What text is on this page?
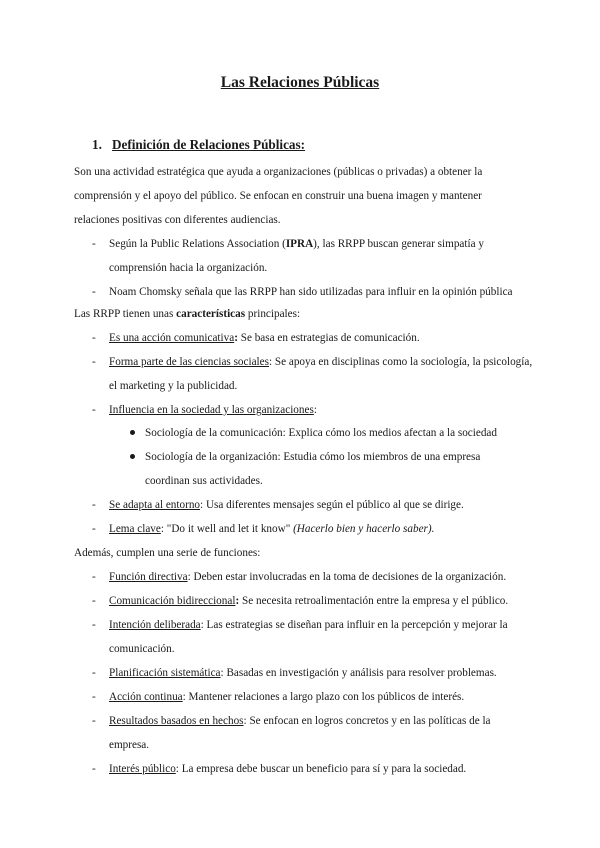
Las Relaciones Públicas
1. Definición de Relaciones Públicas:
Son una actividad estratégica que ayuda a organizaciones (públicas o privadas) a obtener la
comprensión y el apoyo del público. Se enfocan en construir una buena imagen y mantener
relaciones positivas con diferentes audiencias.
- Según la Public Relations Association (IPRA), las RRPP buscan generar simpatía y
comprensión hacia la organización.
- Noam Chomsky señala que las RRPP han sido utilizadas para influir en la opinión pública
Las RRPP tienen unas características principales:
- Es una acción comunicativa: Se basa en estrategias de comunicación.
- Forma parte de las ciencias sociales: Se apoya en disciplinas como la sociología, la psicología,
el marketing y la publicidad.
- Influencia en la sociedad y las organizaciones:
Sociología de la comunicación: Explica cómo los medios afectan a la sociedad
Sociología de la organización: Estudia cómo los miembros de una empresa
coordinan sus actividades.
- Se adapta al entorno: Usa diferentes mensajes según el público al que se dirige.
- Lema clave: "Do it well and let it know" (Hacerlo bien y hacerlo saber).
Además, cumplen una serie de funciones:
- Función directiva: Deben estar involucradas en la toma de decisiones de la organización.
- Comunicación bidireccional: Se necesita retroalimentación entre la empresa y el público.
- Intención deliberada: Las estrategias se diseñan para influir en la percepción y mejorar la
comunicación.
- Planificación sistemática: Basadas en investigación y análisis para resolver problemas.
- Acción continua: Mantener relaciones a largo plazo con los públicos de interés.
- Resultados basados en hechos: Se enfocan en logros concretos y en las políticas de la
empresa.
- Interés público: La empresa debe buscar un beneficio para sí y para la sociedad.
